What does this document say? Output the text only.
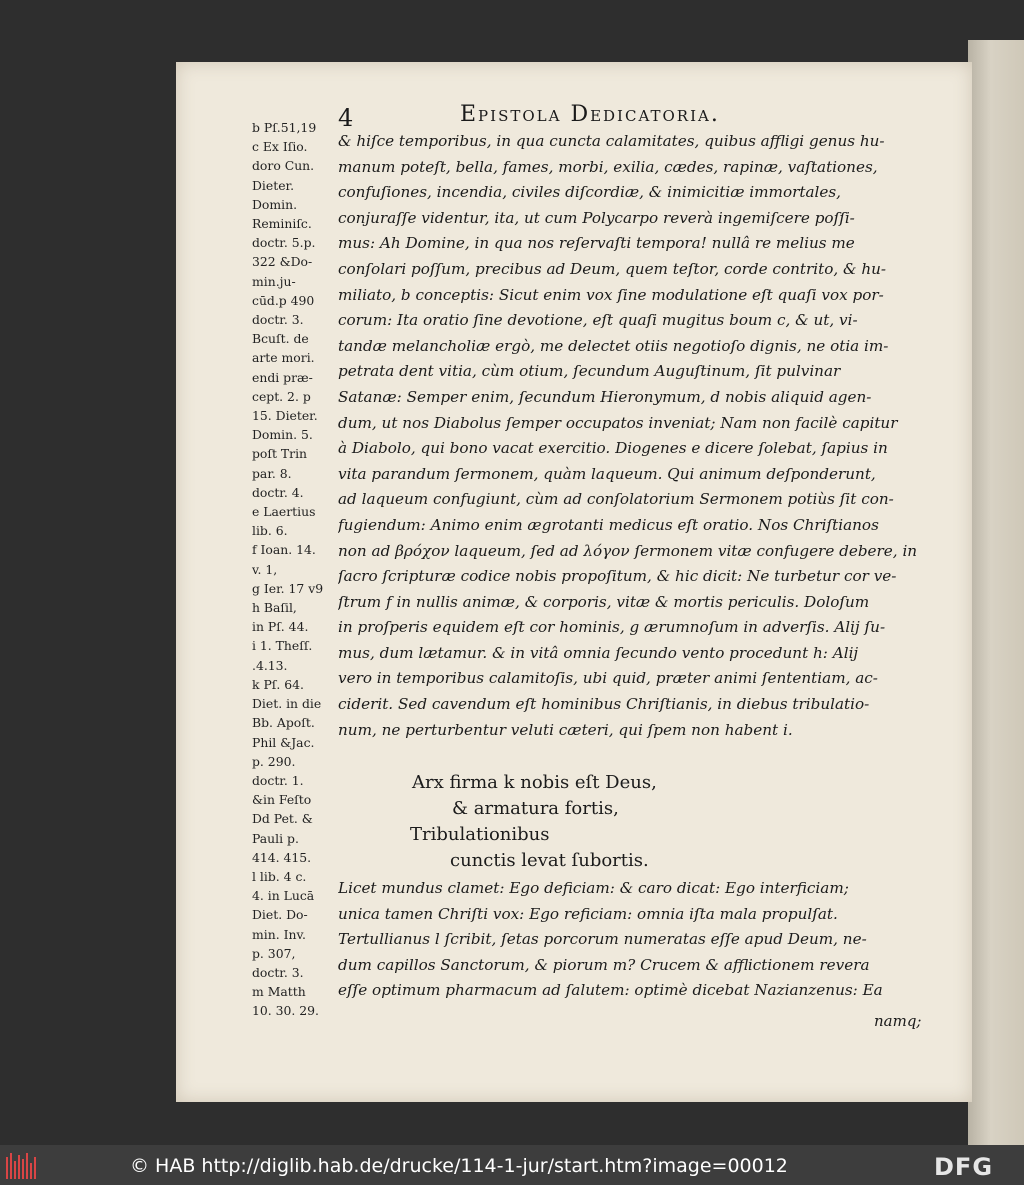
4	Epistola Dedicatoria.
b Pſ.51,19
c Ex Iſio.
doro Cun.
Dieter.
Domin.
Reminiſc.
doctr. 5.p.
322 &Do-
min.ju-
cūd.p 490
doctr. 3.
Bcuſt. de
arte mori.
endi præ-
cept. 2. p
15. Dieter.
Domin. 5.
poſt Trin
par. 8.
doctr. 4.
e Laertius
lib. 6.
f Ioan. 14.
v. 1,
g Ier. 17 v9
h Baſil,
in Pſ. 44.
i 1. Theſſ.
.4.13.
k Pſ. 64.
Diet. in die
Bb. Apoſt.
Phil &Jac.
p. 290.
doctr. 1.
&in Feſto
Dd Pet. &
Pauli p.
414. 415.
l lib. 4 c.
4. in Lucā
Diet. Do-
min. Inv.
p. 307,
doctr. 3.
m Matth
10. 30. 29.
& hiſce temporibus, in qua cuncta calamitates, quibus affligi genus hu-
manum poteſt, bella, fames, morbi, exilia, cædes, rapinæ, vaſtationes,
confuſiones, incendia, civiles diſcordiæ, & inimicitiæ immortales,
conjuraſſe videntur, ita, ut cum Polycarpo reverà ingemiſcere poſſi-
mus: Ah Domine, in qua nos reſervaſti tempora! nullâ re melius me
conſolari poſſum, precibus ad Deum, quem teſtor, corde contrito, & hu-
miliato, b conceptis: Sicut enim vox ſine modulatione eſt quaſi vox por-
corum: Ita oratio ſine devotione, eſt quaſi mugitus boum c, & ut, vi-
tandæ melancholiæ ergò, me delectet otiis negotioſo dignis, ne otia im-
petrata dent vitia, cùm otium, ſecundum Auguſtinum, ſit pulvinar
Satanæ: Semper enim, ſecundum Hieronymum, d nobis aliquid agen-
dum, ut nos Diabolus ſemper occupatos inveniat; Nam non facilè capitur
à Diabolo, qui bono vacat exercitio. Diogenes e dicere ſolebat, ſapius in
vita parandum ſermonem, quàm laqueum. Qui animum deſponderunt,
ad laqueum confugiunt, cùm ad conſolatorium Sermonem potiùs ſit con-
fugiendum: Animo enim ægrotanti medicus eſt oratio. Nos Chriſtianos
non ad βρόχον laqueum, ſed ad λόγον ſermonem vitæ confugere debere, in
ſacro ſcripturæ codice nobis propoſitum, & hic dicit: Ne turbetur cor ve-
ſtrum f in nullis animæ, & corporis, vitæ & mortis periculis. Doloſum
in proſperis equidem eſt cor hominis, g ærumnoſum in adverſis. Alij ſu-
mus, dum lætamur. & in vitâ omnia ſecundo vento procedunt h: Alij
vero in temporibus calamitoſis, ubi quid, præter animi ſententiam, ac-
ciderit. Sed cavendum eſt hominibus Chriſtianis, in diebus tribulatio-
num, ne perturbentur veluti cæteri, qui ſpem non habent i.
Arx firma k nobis eſt Deus,
& armatura fortis,
Tribulationibus
cunctis levat ſubortis.
Licet mundus clamet: Ego deficiam: & caro dicat: Ego interficiam;
unica tamen Chriſti vox: Ego reficiam: omnia iſta mala propulſat.
Tertullianus l ſcribit, ſetas porcorum numeratas eſſe apud Deum, ne-
dum capillos Sanctorum, & piorum m? Crucem & afflictionem revera
eſſe optimum pharmacum ad ſalutem: optimè dicebat Nazianzenus: Ea
namq;
© HAB http://diglib.hab.de/drucke/114-1-jur/start.htm?image=00012	DFG
